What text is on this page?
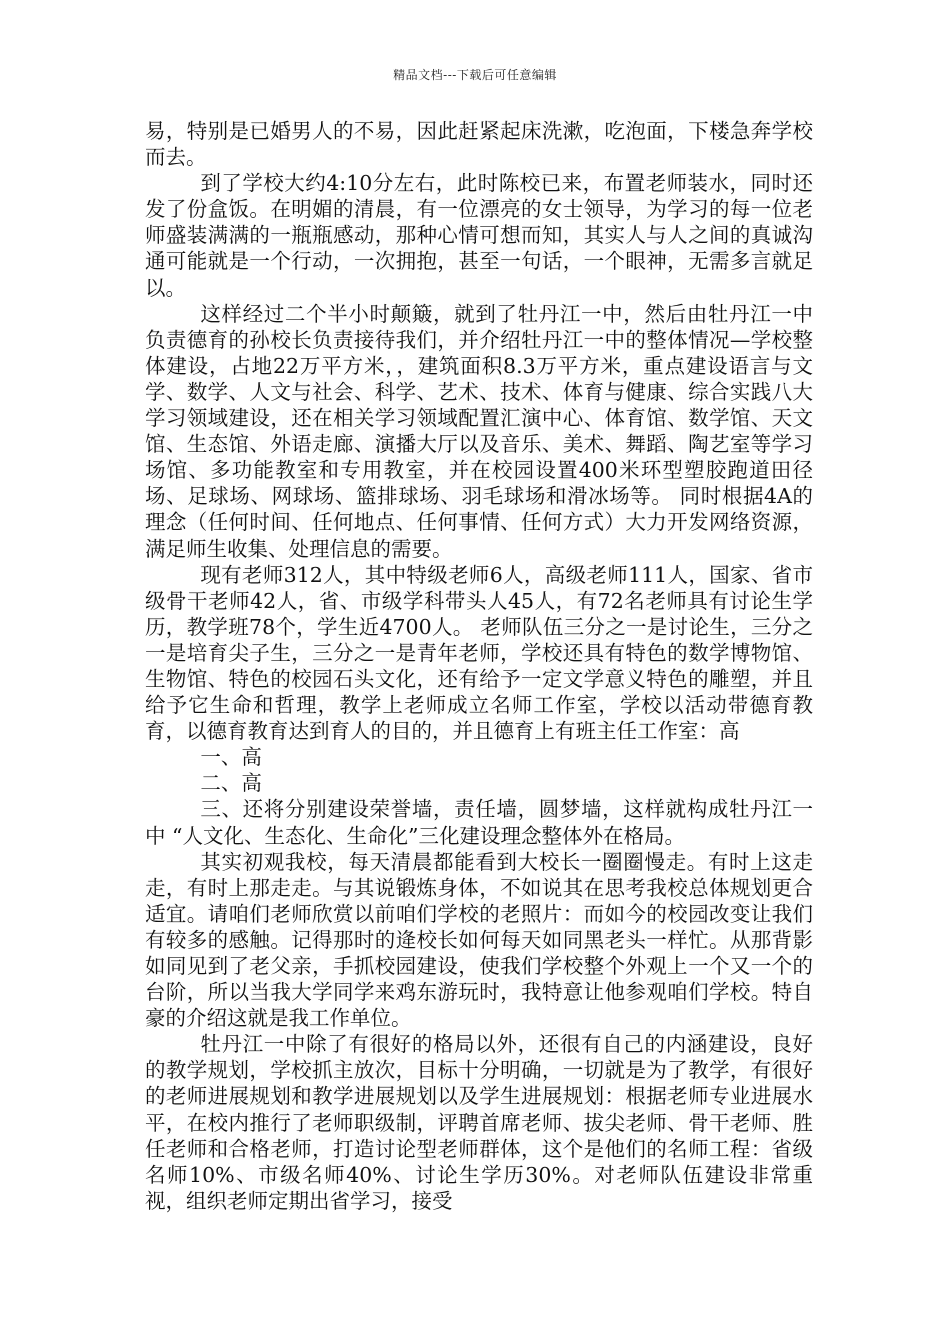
精品文档---下载后可任意编辑

易，特别是已婚男人的不易，因此赶紧起床洗漱，吃泡面，下楼急奔学校而去。

到了学校大约4:10分左右，此时陈校已来，布置老师装水，同时还发了份盒饭。在明媚的清晨，有一位漂亮的女士领导，为学习的每一位老师盛装满满的一瓶瓶感动，那种心情可想而知，其实人与人之间的真诚沟通可能就是一个行动，一次拥抱，甚至一句话，一个眼神，无需多言就足以。

这样经过二个半小时颠簸，就到了牡丹江一中，然后由牡丹江一中负责德育的孙校长负责接待我们，并介绍牡丹江一中的整体情况—学校整体建设，占地22万平方米，，建筑面积8.3万平方米，重点建设语言与文学、数学、人文与社会、科学、艺术、技术、体育与健康、综合实践八大学习领域建设，还在相关学习领域配置汇演中心、体育馆、数学馆、天文馆、生态馆、外语走廊、演播大厅以及音乐、美术、舞蹈、陶艺室等学习场馆、多功能教室和专用教室，并在校园设置400米环型塑胶跑道田径场、足球场、网球场、篮排球场、羽毛球场和滑冰场等。 同时根据4A的理念（任何时间、任何地点、任何事情、任何方式）大力开发网络资源，满足师生收集、处理信息的需要。

现有老师312人，其中特级老师6人，高级老师111人，国家、省市级骨干老师42人，省、市级学科带头人45人，有72名老师具有讨论生学历，教学班78个，学生近4700人。 老师队伍三分之一是讨论生，三分之一是培育尖子生，三分之一是青年老师，学校还具有特色的数学博物馆、生物馆、特色的校园石头文化，还有给予一定文学意义特色的雕塑，并且给予它生命和哲理，教学上老师成立名师工作室，学校以活动带德育教育，以德育教育达到育人的目的，并且德育上有班主任工作室：高

一、高

二、高

三、还将分别建设荣誉墙，责任墙，圆梦墙，这样就构成牡丹江一中 “人文化、生态化、生命化”三化建设理念整体外在格局。

其实初观我校，每天清晨都能看到大校长一圈圈慢走。有时上这走走，有时上那走走。与其说锻炼身体，不如说其在思考我校总体规划更合适宜。请咱们老师欣赏以前咱们学校的老照片：而如今的校园改变让我们有较多的感触。记得那时的逄校长如何每天如同黑老头一样忙。从那背影如同见到了老父亲，手抓校园建设，使我们学校整个外观上一个又一个的台阶，所以当我大学同学来鸡东游玩时，我特意让他参观咱们学校。特自豪的介绍这就是我工作单位。

牡丹江一中除了有很好的格局以外，还很有自己的内涵建设，良好的教学规划，学校抓主放次，目标十分明确，一切就是为了教学，有很好的老师进展规划和教学进展规划以及学生进展规划：根据老师专业进展水平，在校内推行了老师职级制，评聘首席老师、拔尖老师、骨干老师、胜任老师和合格老师，打造讨论型老师群体，这个是他们的名师工程：省级名师10%、市级名师40%、讨论生学历30%。对老师队伍建设非常重视，组织老师定期出省学习，接受
